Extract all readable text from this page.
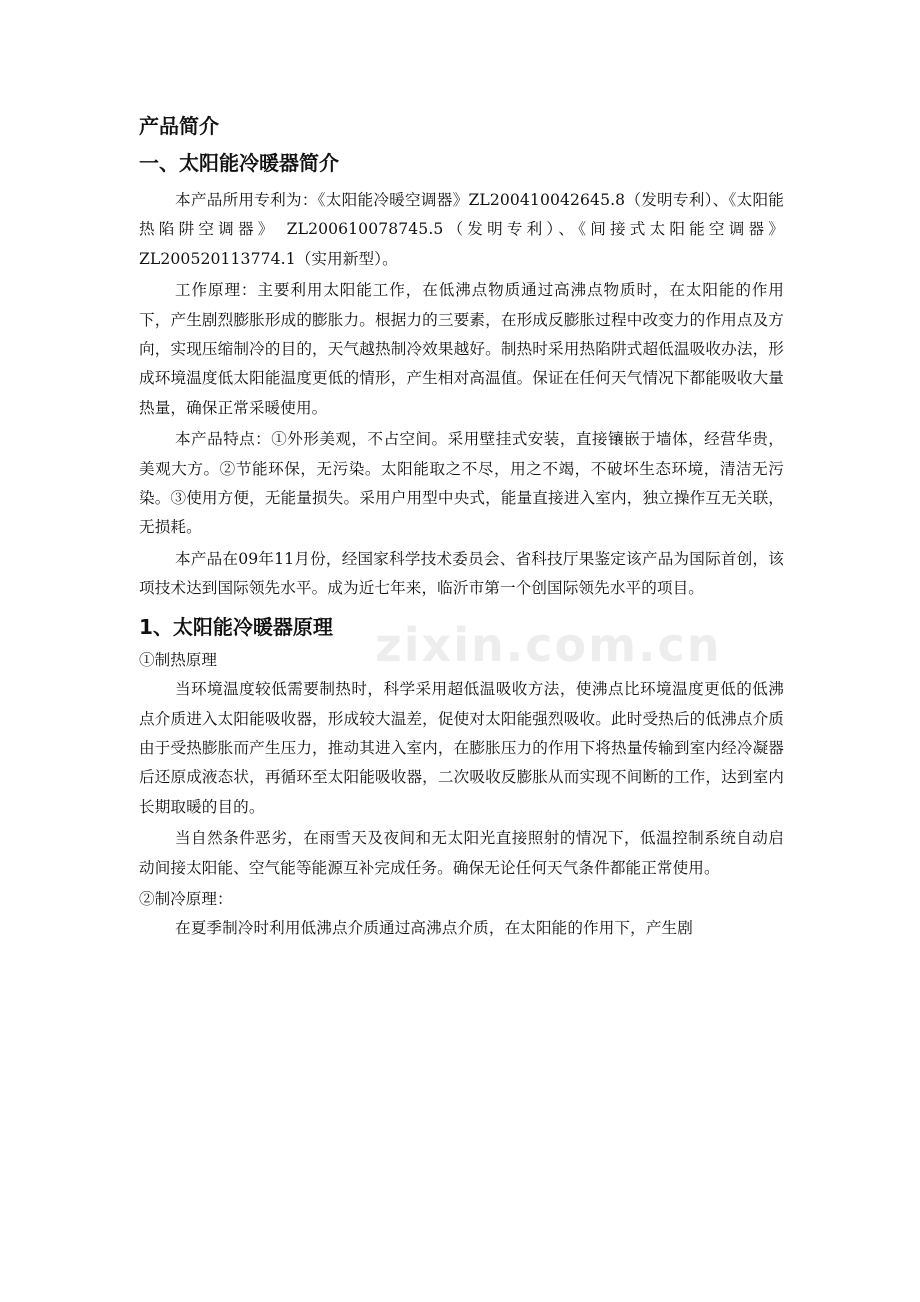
zixin.com.cn
产品简介
一、太阳能冷暖器简介

本产品所用专利为：《太阳能冷暖空调器》ZL200410042645.8（发明专利）、《太阳能热陷阱空调器》 ZL200610078745.5（发明专利）、《间接式太阳能空调器》 ZL200520113774.1（实用新型）。

工作原理：主要利用太阳能工作，在低沸点物质通过高沸点物质时，在太阳能的作用下，产生剧烈膨胀形成的膨胀力。根据力的三要素，在形成反膨胀过程中改变力的作用点及方向，实现压缩制冷的目的，天气越热制冷效果越好。制热时采用热陷阱式超低温吸收办法，形成环境温度低太阳能温度更低的情形，产生相对高温值。保证在任何天气情况下都能吸收大量热量，确保正常采暖使用。

本产品特点：①外形美观，不占空间。采用壁挂式安装，直接镶嵌于墙体，经营华贵，美观大方。②节能环保，无污染。太阳能取之不尽，用之不竭，不破坏生态环境，清洁无污染。③使用方便，无能量损失。采用户用型中央式，能量直接进入室内，独立操作互无关联，无损耗。

本产品在09年11月份，经国家科学技术委员会、省科技厅果鉴定该产品为国际首创，该项技术达到国际领先水平。成为近七年来，临沂市第一个创国际领先水平的项目。

1、太阳能冷暖器原理

①制热原理

当环境温度较低需要制热时，科学采用超低温吸收方法，使沸点比环境温度更低的低沸点介质进入太阳能吸收器，形成较大温差，促使对太阳能强烈吸收。此时受热后的低沸点介质由于受热膨胀而产生压力，推动其进入室内，在膨胀压力的作用下将热量传输到室内经冷凝器后还原成液态状，再循环至太阳能吸收器，二次吸收反膨胀从而实现不间断的工作，达到室内长期取暖的目的。

当自然条件恶劣，在雨雪天及夜间和无太阳光直接照射的情况下，低温控制系统自动启动间接太阳能、空气能等能源互补完成任务。确保无论任何天气条件都能正常使用。

②制冷原理：

在夏季制冷时利用低沸点介质通过高沸点介质，在太阳能的作用下，产生剧
